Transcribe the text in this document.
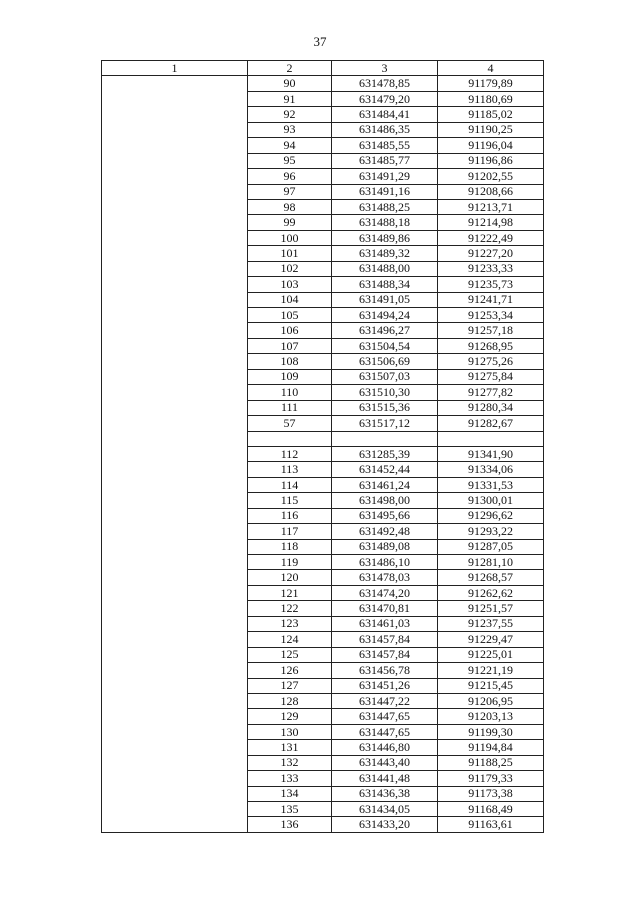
37
1	2	3	4
	90	631478,85	91179,89
	91	631479,20	91180,69
	92	631484,41	91185,02
	93	631486,35	91190,25
	94	631485,55	91196,04
	95	631485,77	91196,86
	96	631491,29	91202,55
	97	631491,16	91208,66
	98	631488,25	91213,71
	99	631488,18	91214,98
	100	631489,86	91222,49
	101	631489,32	91227,20
	102	631488,00	91233,33
	103	631488,34	91235,73
	104	631491,05	91241,71
	105	631494,24	91253,34
	106	631496,27	91257,18
	107	631504,54	91268,95
	108	631506,69	91275,26
	109	631507,03	91275,84
	110	631510,30	91277,82
	111	631515,36	91280,34
	57	631517,12	91282,67

	112	631285,39	91341,90
	113	631452,44	91334,06
	114	631461,24	91331,53
	115	631498,00	91300,01
	116	631495,66	91296,62
	117	631492,48	91293,22
	118	631489,08	91287,05
	119	631486,10	91281,10
	120	631478,03	91268,57
	121	631474,20	91262,62
	122	631470,81	91251,57
	123	631461,03	91237,55
	124	631457,84	91229,47
	125	631457,84	91225,01
	126	631456,78	91221,19
	127	631451,26	91215,45
	128	631447,22	91206,95
	129	631447,65	91203,13
	130	631447,65	91199,30
	131	631446,80	91194,84
	132	631443,40	91188,25
	133	631441,48	91179,33
	134	631436,38	91173,38
	135	631434,05	91168,49
	136	631433,20	91163,61
